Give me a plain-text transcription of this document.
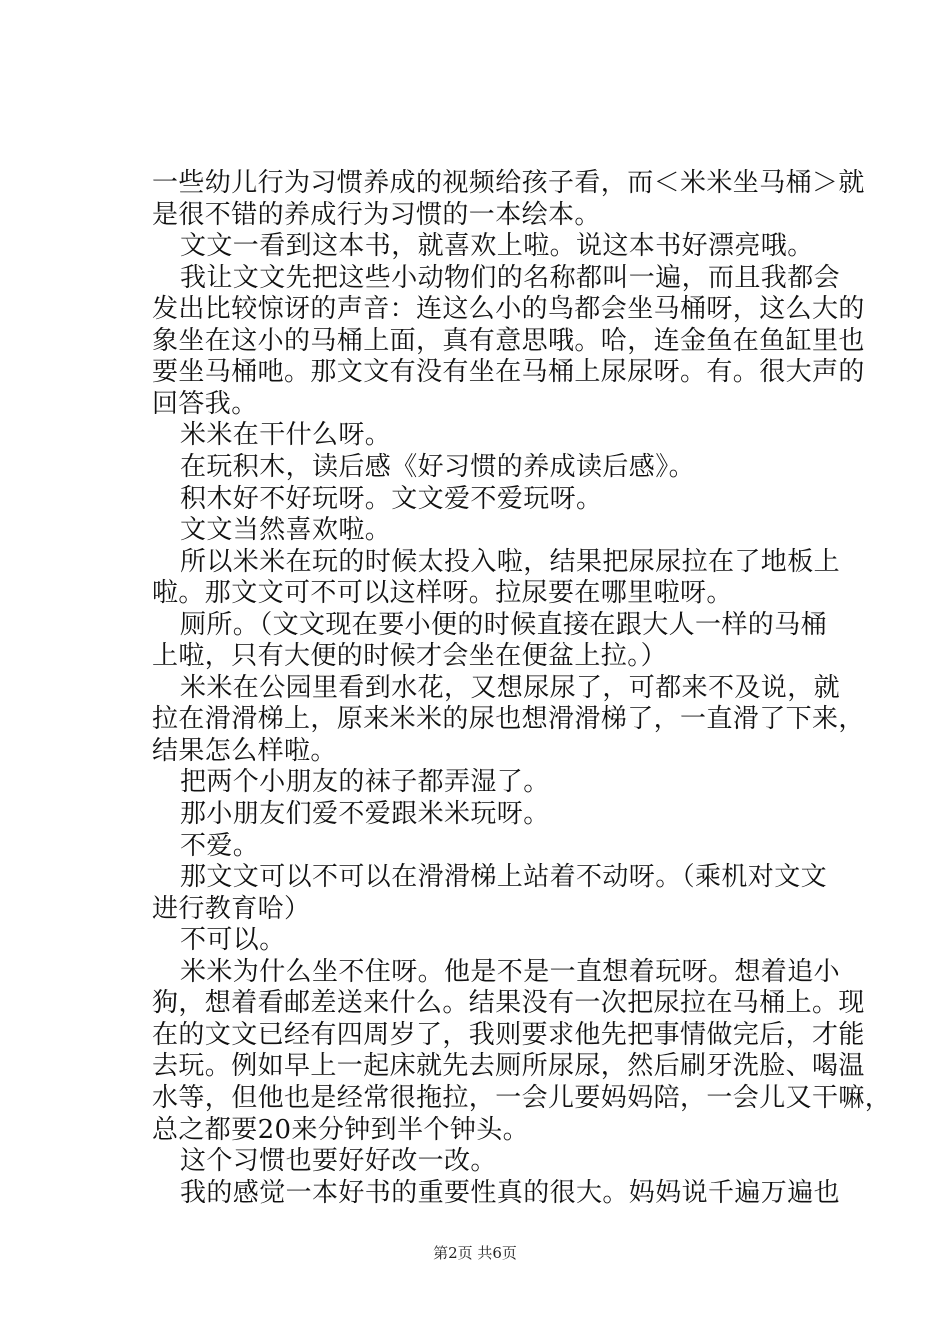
一些幼儿行为习惯养成的视频给孩子看，而＜米米坐马桶＞就

是很不错的养成行为习惯的一本绘本。

文文一看到这本书，就喜欢上啦。说这本书好漂亮哦。

我让文文先把这些小动物们的名称都叫一遍，而且我都会

发出比较惊讶的声音：连这么小的鸟都会坐马桶呀，这么大的

象坐在这小的马桶上面，真有意思哦。哈，连金鱼在鱼缸里也

要坐马桶吔。那文文有没有坐在马桶上尿尿呀。有。很大声的

回答我。

米米在干什么呀。

在玩积木，读后感《好习惯的养成读后感》。

积木好不好玩呀。文文爱不爱玩呀。

文文当然喜欢啦。

所以米米在玩的时候太投入啦，结果把尿尿拉在了地板上

啦。那文文可不可以这样呀。拉尿要在哪里啦呀。

厕所。（文文现在要小便的时候直接在跟大人一样的马桶

上啦，只有大便的时候才会坐在便盆上拉。）

米米在公园里看到水花，又想尿尿了，可都来不及说，就

拉在滑滑梯上，原来米米的尿也想滑滑梯了，一直滑了下来，

结果怎么样啦。

把两个小朋友的袜子都弄湿了。

那小朋友们爱不爱跟米米玩呀。

不爱。

那文文可以不可以在滑滑梯上站着不动呀。（乘机对文文

进行教育哈）

不可以。

米米为什么坐不住呀。他是不是一直想着玩呀。想着追小

狗，想着看邮差送来什么。结果没有一次把尿拉在马桶上。现

在的文文已经有四周岁了，我则要求他先把事情做完后，才能

去玩。例如早上一起床就先去厕所尿尿，然后刷牙洗脸、喝温

水等，但他也是经常很拖拉，一会儿要妈妈陪，一会儿又干嘛，

总之都要20来分钟到半个钟头。

这个习惯也要好好改一改。

我的感觉一本好书的重要性真的很大。妈妈说千遍万遍也

第2页 共6页
